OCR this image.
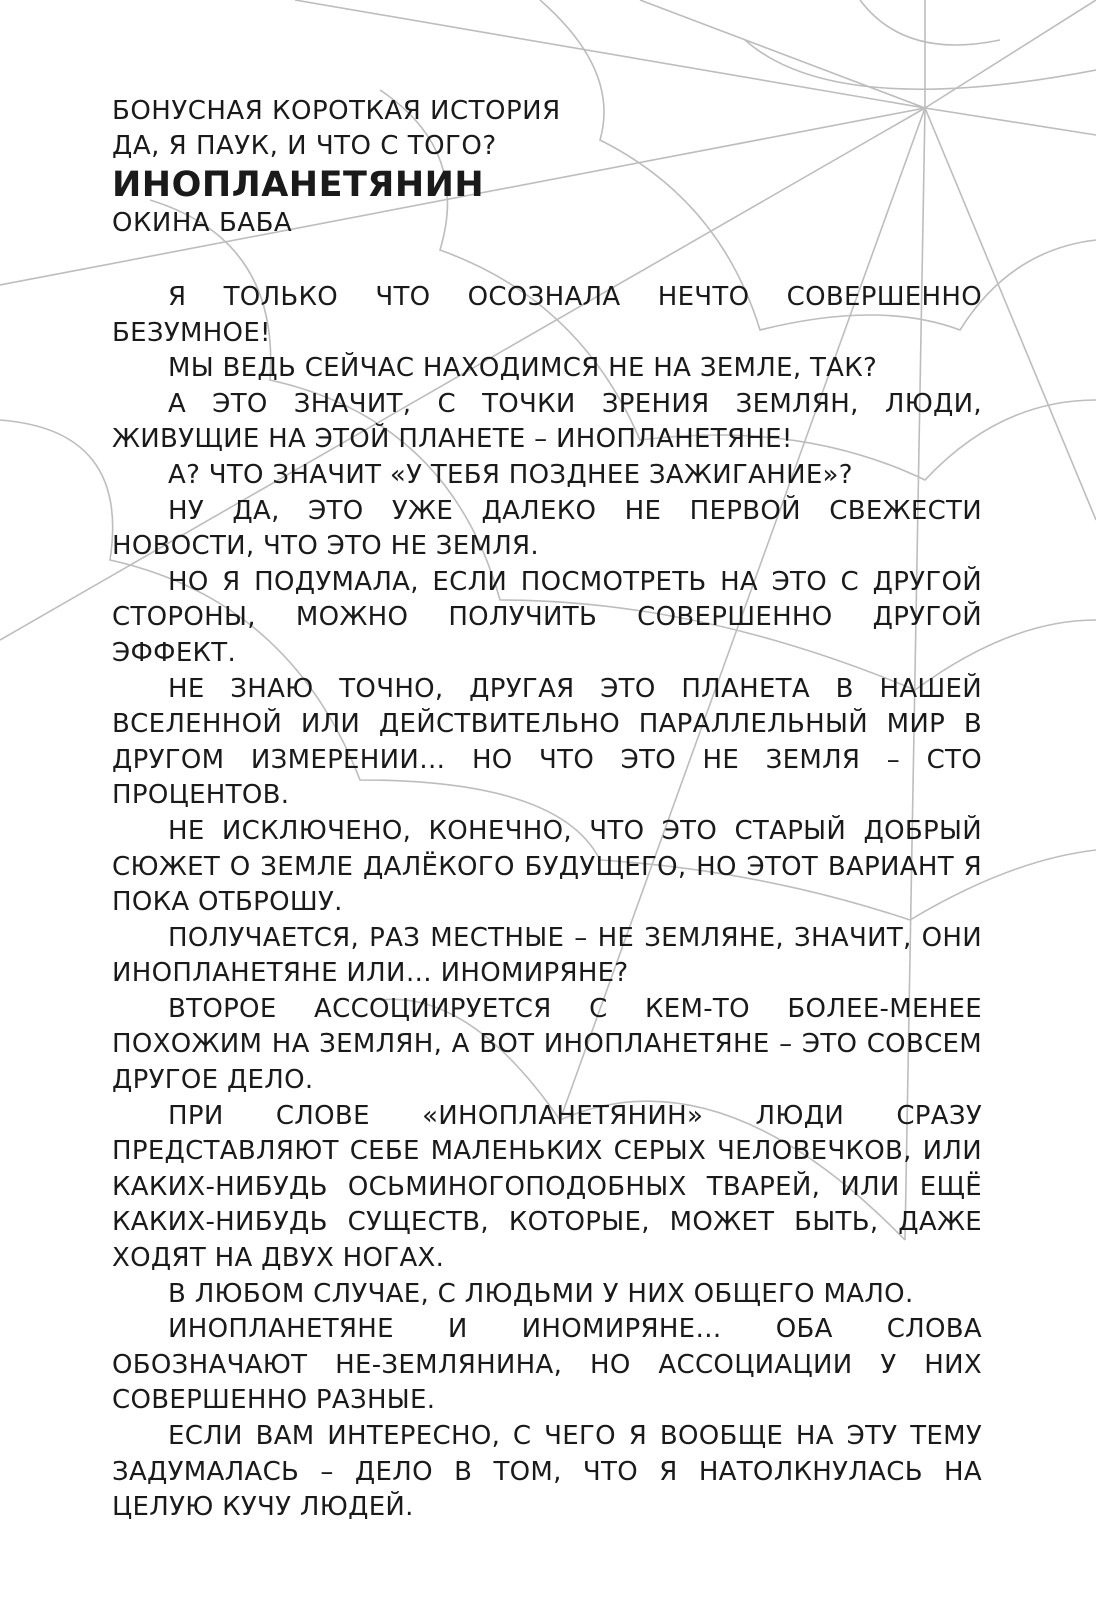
БОНУСНАЯ КОРОТКАЯ ИСТОРИЯ

ДА, Я ПАУК, И ЧТО С ТОГО?

ИНОПЛАНЕТЯНИН

ОКИНА БАБА

Я ТОЛЬКО ЧТО ОСОЗНАЛА НЕЧТО СОВЕРШЕННО БЕЗУМНОЕ!

МЫ ВЕДЬ СЕЙЧАС НАХОДИМСЯ НЕ НА ЗЕМЛЕ, ТАК?

А ЭТО ЗНАЧИТ, С ТОЧКИ ЗРЕНИЯ ЗЕМЛЯН, ЛЮДИ, ЖИВУЩИЕ НА ЭТОЙ ПЛАНЕТЕ – ИНОПЛАНЕТЯНЕ!

А? ЧТО ЗНАЧИТ «У ТЕБЯ ПОЗДНЕЕ ЗАЖИГАНИЕ»?

НУ ДА, ЭТО УЖЕ ДАЛЕКО НЕ ПЕРВОЙ СВЕЖЕСТИ НОВОСТИ, ЧТО ЭТО НЕ ЗЕМЛЯ.

НО Я ПОДУМАЛА, ЕСЛИ ПОСМОТРЕТЬ НА ЭТО С ДРУГОЙ СТОРОНЫ, МОЖНО ПОЛУЧИТЬ СОВЕРШЕННО ДРУГОЙ ЭФФЕКТ.

НЕ ЗНАЮ ТОЧНО, ДРУГАЯ ЭТО ПЛАНЕТА В НАШЕЙ ВСЕЛЕННОЙ ИЛИ ДЕЙСТВИТЕЛЬНО ПАРАЛЛЕЛЬНЫЙ МИР В ДРУГОМ ИЗМЕРЕНИИ… НО ЧТО ЭТО НЕ ЗЕМЛЯ – СТО ПРОЦЕНТОВ.

НЕ ИСКЛЮЧЕНО, КОНЕЧНО, ЧТО ЭТО СТАРЫЙ ДОБРЫЙ СЮЖЕТ О ЗЕМЛЕ ДАЛЁКОГО БУДУЩЕГО, НО ЭТОТ ВАРИАНТ Я ПОКА ОТБРОШУ.

ПОЛУЧАЕТСЯ, РАЗ МЕСТНЫЕ – НЕ ЗЕМЛЯНЕ, ЗНАЧИТ, ОНИ ИНОПЛАНЕТЯНЕ ИЛИ… ИНОМИРЯНЕ?

ВТОРОЕ АССОЦИИРУЕТСЯ С КЕМ-ТО БОЛЕЕ-МЕНЕЕ ПОХОЖИМ НА ЗЕМЛЯН, А ВОТ ИНОПЛАНЕТЯНЕ – ЭТО СОВСЕМ ДРУГОЕ ДЕЛО.

ПРИ СЛОВЕ «ИНОПЛАНЕТЯНИН» ЛЮДИ СРАЗУ ПРЕДСТАВЛЯЮТ СЕБЕ МАЛЕНЬКИХ СЕРЫХ ЧЕЛОВЕЧКОВ, ИЛИ КАКИХ-НИБУДЬ ОСЬМИНОГОПОДОБНЫХ ТВАРЕЙ, ИЛИ ЕЩЁ КАКИХ-НИБУДЬ СУЩЕСТВ, КОТОРЫЕ, МОЖЕТ БЫТЬ, ДАЖЕ ХОДЯТ НА ДВУХ НОГАХ.

В ЛЮБОМ СЛУЧАЕ, С ЛЮДЬМИ У НИХ ОБЩЕГО МАЛО.

ИНОПЛАНЕТЯНЕ И ИНОМИРЯНЕ… ОБА СЛОВА ОБОЗНАЧАЮТ НЕ-ЗЕМЛЯНИНА, НО АССОЦИАЦИИ У НИХ СОВЕРШЕННО РАЗНЫЕ.

ЕСЛИ ВАМ ИНТЕРЕСНО, С ЧЕГО Я ВООБЩЕ НА ЭТУ ТЕМУ ЗАДУМАЛАСЬ – ДЕЛО В ТОМ, ЧТО Я НАТОЛКНУЛАСЬ НА ЦЕЛУЮ КУЧУ ЛЮДЕЙ.
